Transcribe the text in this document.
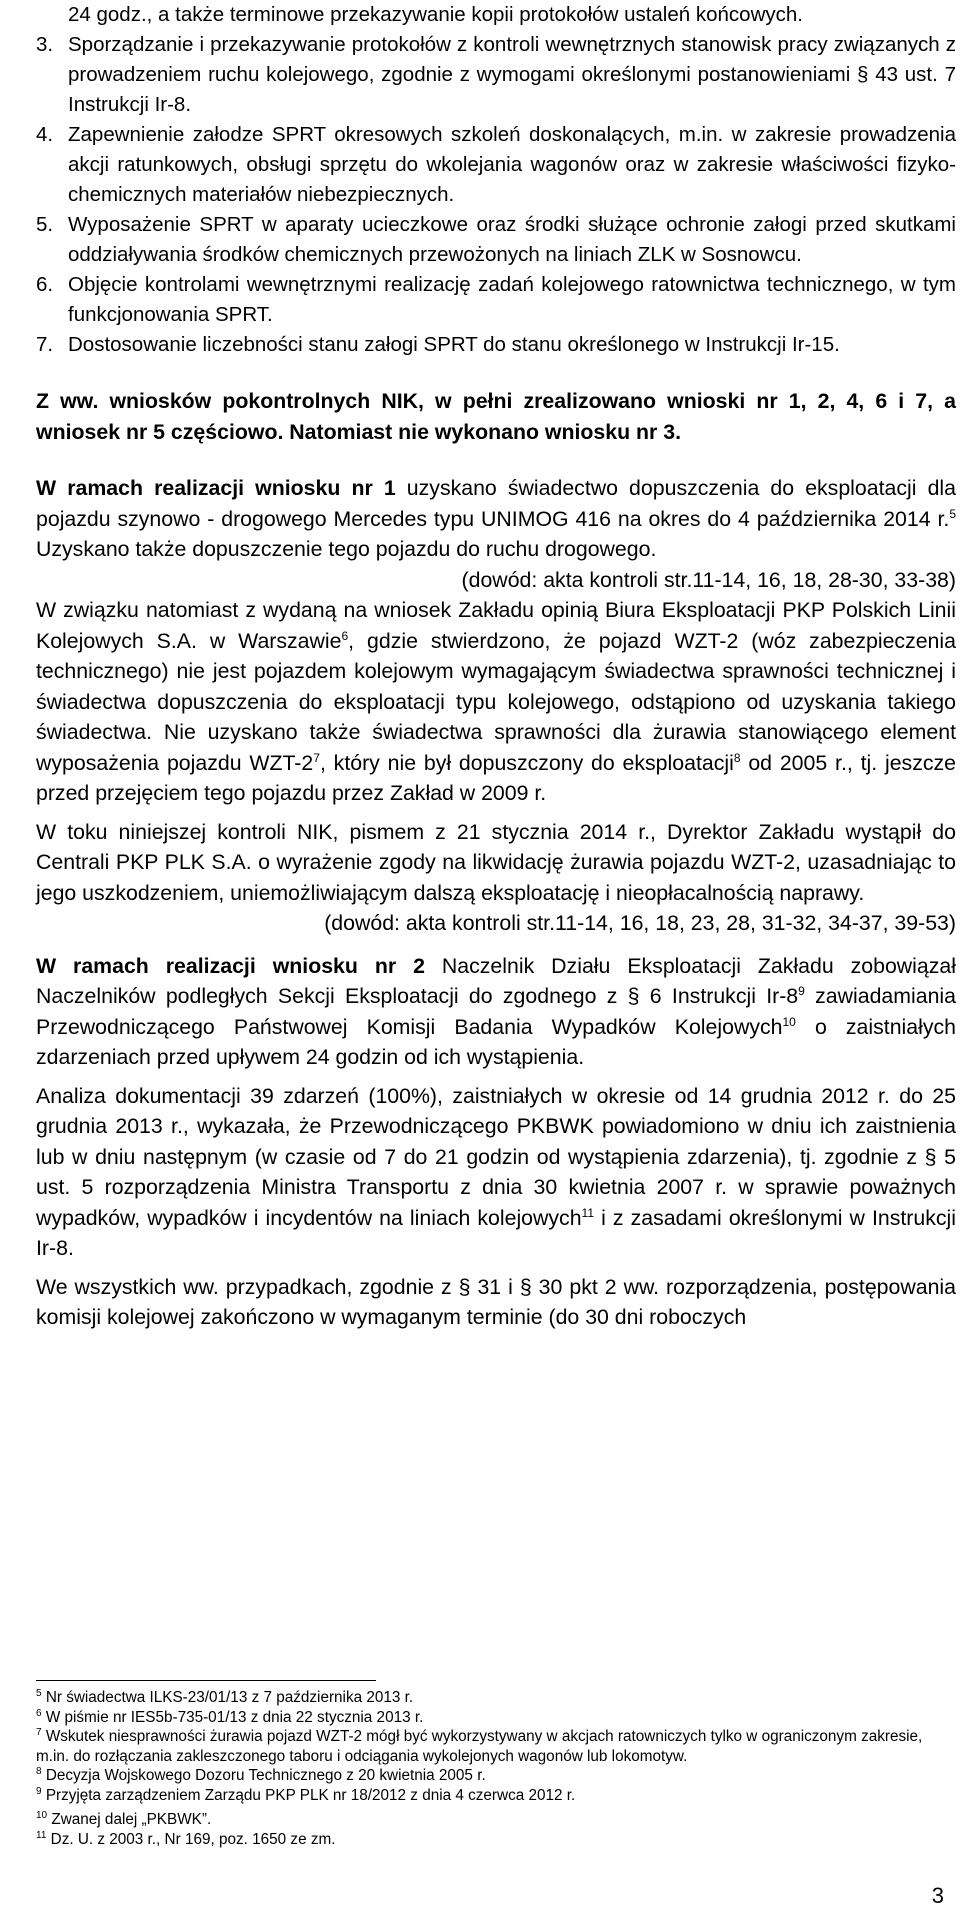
24 godz., a także terminowe przekazywanie kopii protokołów ustaleń końcowych.
3. Sporządzanie i przekazywanie protokołów z kontroli wewnętrznych stanowisk pracy związanych z prowadzeniem ruchu kolejowego, zgodnie z wymogami określonymi postanowieniami § 43 ust. 7 Instrukcji Ir-8.
4. Zapewnienie załodze SPRT okresowych szkoleń doskonalących, m.in. w zakresie prowadzenia akcji ratunkowych, obsługi sprzętu do wkolejania wagonów oraz w zakresie właściwości fizyko-chemicznych materiałów niebezpiecznych.
5. Wyposażenie SPRT w aparaty ucieczkowe oraz środki służące ochronie załogi przed skutkami oddziaływania środków chemicznych przewożonych na liniach ZLK w Sosnowcu.
6. Objęcie kontrolami wewnętrznymi realizację zadań kolejowego ratownictwa technicznego, w tym funkcjonowania SPRT.
7. Dostosowanie liczebności stanu załogi SPRT do stanu określonego w Instrukcji Ir-15.

Z ww. wniosków pokontrolnych NIK, w pełni zrealizowano wnioski nr 1, 2, 4, 6 i 7, a wniosek nr 5 częściowo. Natomiast nie wykonano wniosku nr 3.

W ramach realizacji wniosku nr 1 uzyskano świadectwo dopuszczenia do eksploatacji dla pojazdu szynowo - drogowego Mercedes typu UNIMOG 416 na okres do 4 października 2014 r.$^5$ Uzyskano także dopuszczenie tego pojazdu do ruchu drogowego.

(dowód: akta kontroli str.11-14, 16, 18, 28-30, 33-38)

W związku natomiast z wydaną na wniosek Zakładu opinią Biura Eksploatacji PKP Polskich Linii Kolejowych S.A. w Warszawie$^6$, gdzie stwierdzono, że pojazd WZT-2 (wóz zabezpieczenia technicznego) nie jest pojazdem kolejowym wymagającym świadectwa sprawności technicznej i świadectwa dopuszczenia do eksploatacji typu kolejowego, odstąpiono od uzyskania takiego świadectwa. Nie uzyskano także świadectwa sprawności dla żurawia stanowiącego element wyposażenia pojazdu WZT-$2^7$, który nie był dopuszczony do eksploatacji$^8$ od 2005 r., tj. jeszcze przed przejęciem tego pojazdu przez Zakład w 2009 r.

W toku niniejszej kontroli NIK, pismem z 21 stycznia 2014 r., Dyrektor Zakładu wystąpił do Centrali PKP PLK S.A. o wyrażenie zgody na likwidację żurawia pojazdu WZT-2, uzasadniając to jego uszkodzeniem, uniemożliwiającym dalszą eksploatację i nieopłacalnością naprawy.

(dowód: akta kontroli str.11-14, 16, 18, 23, 28, 31-32, 34-37, 39-53)

W ramach realizacji wniosku nr 2 Naczelnik Działu Eksploatacji Zakładu zobowiązał Naczelników podległych Sekcji Eksploatacji do zgodnego z § 6 Instrukcji $Ir-8^9$ zawiadamiania Przewodniczącego Państwowej Komisji Badania Wypadków Kolejowych$^{10}$ o zaistniałych zdarzeniach przed upływem 24 godzin od ich wystąpienia.

Analiza dokumentacji 39 zdarzeń (100%), zaistniałych w okresie od 14 grudnia 2012 r. do 25 grudnia 2013 r., wykazała, że Przewodniczącego PKBWK powiadomiono w dniu ich zaistnienia lub w dniu następnym (w czasie od 7 do 21 godzin od wystąpienia zdarzenia), tj. zgodnie z § 5 ust. 5 rozporządzenia Ministra Transportu z dnia 30 kwietnia 2007 r. w sprawie poważnych wypadków, wypadków i incydentów na liniach kolejowych$^{11}$ i z zasadami określonymi w Instrukcji Ir-8.

We wszystkich ww. przypadkach, zgodnie z § 31 i § 30 pkt 2 ww. rozporządzenia, postępowania komisji kolejowej zakończono w wymaganym terminie (do 30 dni roboczych

$^5$ Nr świadectwa ILKS-23/01/13 z 7 października 2013 r.

$^6$ W piśmie nr IES5b-735-01/13 z dnia 22 stycznia 2013 r.

$^7$ Wskutek niesprawności żurawia pojazd WZT-2 mógł być wykorzystywany w akcjach ratowniczych tylko w ograniczonym zakresie, m.in. do rozłączania zakleszczonego taboru i odciągania wykolejonych wagonów lub lokomotyw.

$^8$ Decyzja Wojskowego Dozoru Technicznego z 20 kwietnia 2005 r.

$^9$ Przyjęta zarządzeniem Zarządu PKP PLK nr 18/2012 z dnia 4 czerwca 2012 r.

$^{10}$ Zwanej dalej „PKBWK”.

$^{11}$ Dz. U. z 2003 r., Nr 169, poz. 1650 ze zm.

3
